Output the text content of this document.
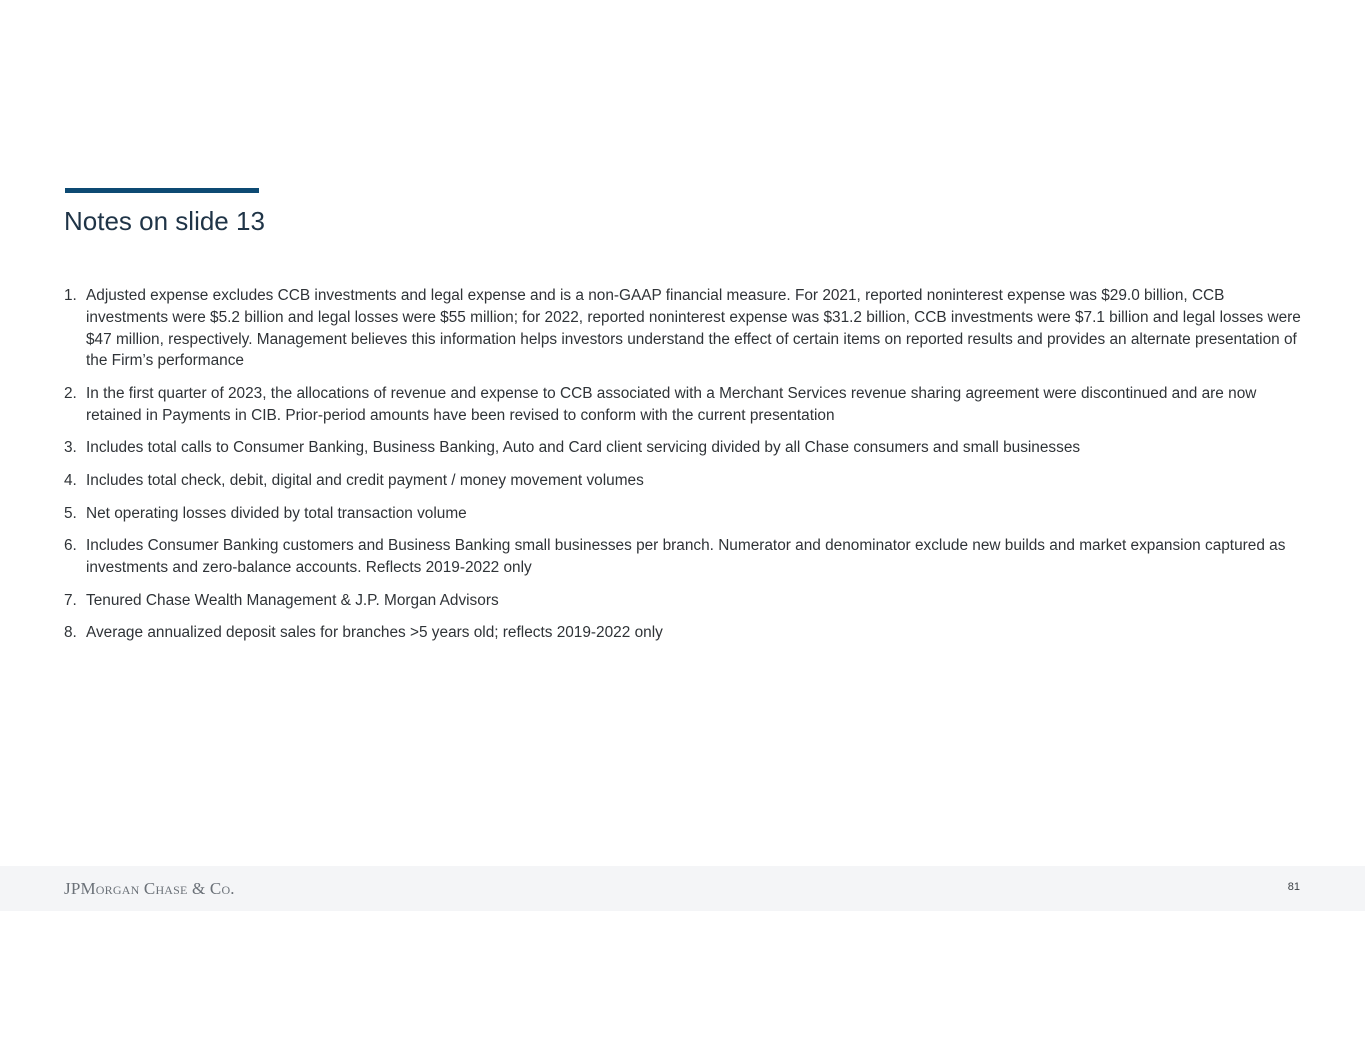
Notes on slide 13
1. Adjusted expense excludes CCB investments and legal expense and is a non-GAAP financial measure. For 2021, reported noninterest expense was $29.0 billion, CCB investments were $5.2 billion and legal losses were $55 million; for 2022, reported noninterest expense was $31.2 billion, CCB investments were $7.1 billion and legal losses were $47 million, respectively. Management believes this information helps investors understand the effect of certain items on reported results and provides an alternate presentation of the Firm’s performance
2. In the first quarter of 2023, the allocations of revenue and expense to CCB associated with a Merchant Services revenue sharing agreement were discontinued and are now retained in Payments in CIB. Prior-period amounts have been revised to conform with the current presentation
3. Includes total calls to Consumer Banking, Business Banking, Auto and Card client servicing divided by all Chase consumers and small businesses
4. Includes total check, debit, digital and credit payment / money movement volumes
5. Net operating losses divided by total transaction volume
6. Includes Consumer Banking customers and Business Banking small businesses per branch. Numerator and denominator exclude new builds and market expansion captured as investments and zero-balance accounts. Reflects 2019-2022 only
7. Tenured Chase Wealth Management & J.P. Morgan Advisors
8. Average annualized deposit sales for branches >5 years old; reflects 2019-2022 only
JPMorgan Chase & Co.	81
